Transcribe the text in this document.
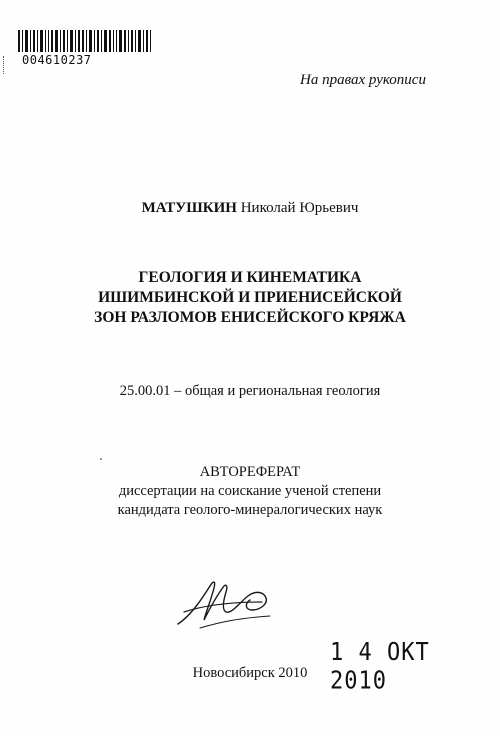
004610237
На правах рукописи
МАТУШКИН Николай Юрьевич
ГЕОЛОГИЯ И КИНЕМАТИКА
ИШИМБИНСКОЙ И ПРИЕНИСЕЙСКОЙ
ЗОН РАЗЛОМОВ ЕНИСЕЙСКОГО КРЯЖА
25.00.01 – общая и региональная геология
АВТОРЕФЕРАТ
диссертации на соискание ученой степени
кандидата геолого-минералогических наук
1 4 ОКТ 2010
Новосибирск 2010
